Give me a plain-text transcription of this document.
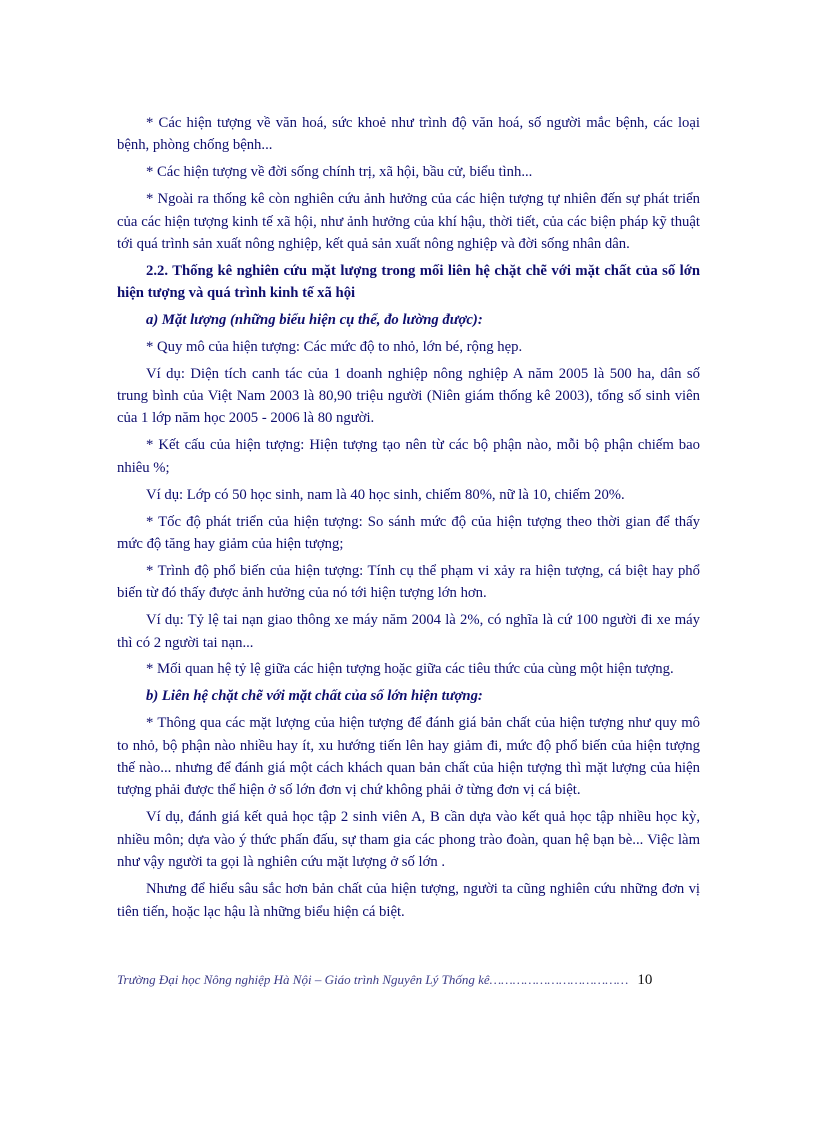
* Các hiện tượng về văn hoá, sức khoẻ như trình độ văn hoá, số người mắc bệnh, các loại bệnh, phòng chống bệnh...

* Các hiện tượng về đời sống chính trị, xã hội, bầu cử, biểu tình...

* Ngoài ra thống kê còn nghiên cứu ảnh hưởng của các hiện tượng tự nhiên đến sự phát triển của các hiện tượng kinh tế xã hội, như ảnh hưởng của khí hậu, thời tiết, của các biện pháp kỹ thuật tới quá trình sản xuất nông nghiệp, kết quả sản xuất nông nghiệp và đời sống nhân dân.

2.2. Thống kê nghiên cứu mặt lượng trong mối liên hệ chặt chẽ với mặt chất của số lớn hiện tượng và quá trình kinh tế xã hội

a) Mặt lượng (những biểu hiện cụ thể, đo lường được):

* Quy mô của hiện tượng: Các mức độ to nhỏ, lớn bé, rộng hẹp.

Ví dụ: Diện tích canh tác của 1 doanh nghiệp nông nghiệp A năm 2005 là 500 ha, dân số trung bình của Việt Nam 2003 là 80,90 triệu người (Niên giám thống kê 2003), tổng số sinh viên của 1 lớp năm học 2005 - 2006 là 80 người.

* Kết cấu của hiện tượng: Hiện tượng tạo nên từ các bộ phận nào, mỗi bộ phận chiếm bao nhiêu %;

Ví dụ: Lớp có 50 học sinh, nam là 40 học sinh, chiếm 80%, nữ là 10, chiếm 20%.

* Tốc độ phát triển của hiện tượng: So sánh mức độ của hiện tượng theo thời gian để thấy mức độ tăng hay giảm của hiện tượng;

* Trình độ phổ biến của hiện tượng: Tính cụ thể phạm vi xảy ra hiện tượng, cá biệt hay phổ biến từ đó thấy được ảnh hưởng của nó tới hiện tượng lớn hơn.

Ví dụ: Tỷ lệ tai nạn giao thông xe máy năm 2004 là 2%, có nghĩa là cứ 100 người đi xe máy thì có 2 người tai nạn...

* Mối quan hệ tỷ lệ giữa các hiện tượng hoặc giữa các tiêu thức của cùng một hiện tượng.

b) Liên hệ chặt chẽ với mặt chất của số lớn hiện tượng:

* Thông qua các mặt lượng của hiện tượng để đánh giá bản chất của hiện tượng như quy mô to nhỏ, bộ phận nào nhiều hay ít, xu hướng tiến lên hay giảm đi, mức độ phổ biến của hiện tượng thế nào... nhưng để đánh giá một cách khách quan bản chất của hiện tượng thì mặt lượng của hiện tượng phải được thể hiện ở số lớn đơn vị chứ không phải ở từng đơn vị cá biệt.

Ví dụ, đánh giá kết quả học tập 2 sinh viên A, B cần dựa vào kết quả học tập nhiều học kỳ, nhiều môn; dựa vào ý thức phấn đấu, sự tham gia các phong trào đoàn, quan hệ bạn bè... Việc làm như vậy người ta gọi là nghiên cứu mặt lượng ở số lớn .

Nhưng để hiểu sâu sắc hơn bản chất của hiện tượng, người ta cũng nghiên cứu những đơn vị tiên tiến, hoặc lạc hậu là những biểu hiện cá biệt.

Trường Đại học Nông nghiệp Hà Nội – Giáo trình Nguyên Lý Thống kê……………………………… 10
